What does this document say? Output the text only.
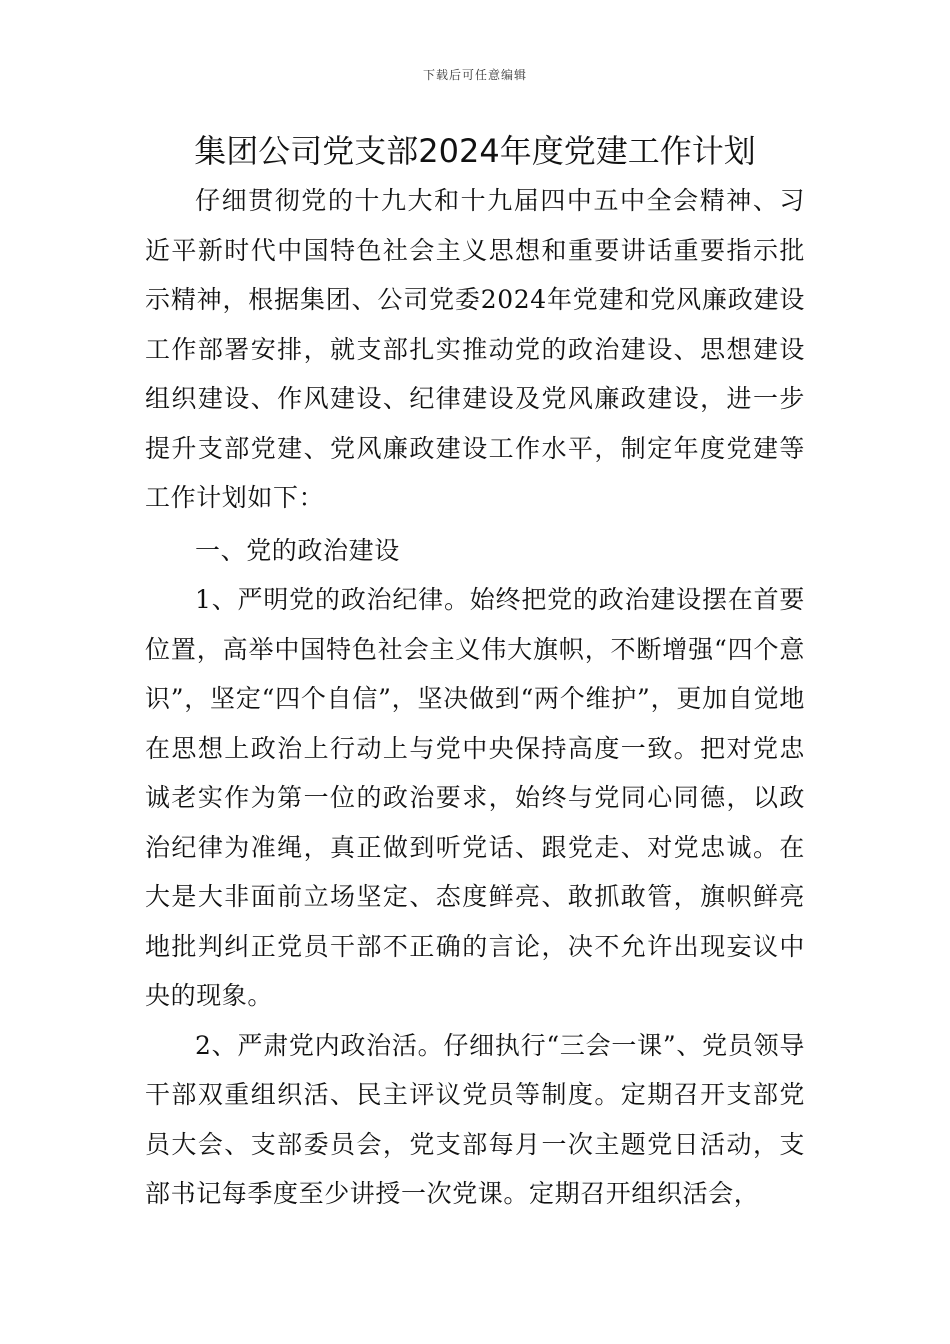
下载后可任意编辑
集团公司党支部2024年度党建工作计划

仔细贯彻党的十九大和十九届四中五中全会精神、习近平新时代中国特色社会主义思想和重要讲话重要指示批示精神，根据集团、公司党委2024年党建和党风廉政建设工作部署安排，就支部扎实推动党的政治建设、思想建设组织建设、作风建设、纪律建设及党风廉政建设，进一步提升支部党建、党风廉政建设工作水平，制定年度党建等工作计划如下：

一、党的政治建设

1、严明党的政治纪律。始终把党的政治建设摆在首要位置，高举中国特色社会主义伟大旗帜，不断增强“四个意识”，坚定“四个自信”，坚决做到“两个维护”，更加自觉地在思想上政治上行动上与党中央保持高度一致。把对党忠诚老实作为第一位的政治要求，始终与党同心同德，以政治纪律为准绳，真正做到听党话、跟党走、对党忠诚。在大是大非面前立场坚定、态度鲜亮、敢抓敢管，旗帜鲜亮地批判纠正党员干部不正确的言论，决不允许出现妄议中央的现象。

2、严肃党内政治活。仔细执行“三会一课”、党员领导干部双重组织活、民主评议党员等制度。定期召开支部党员大会、支部委员会，党支部每月一次主题党日活动，支部书记每季度至少讲授一次党课。定期召开组织活会，
